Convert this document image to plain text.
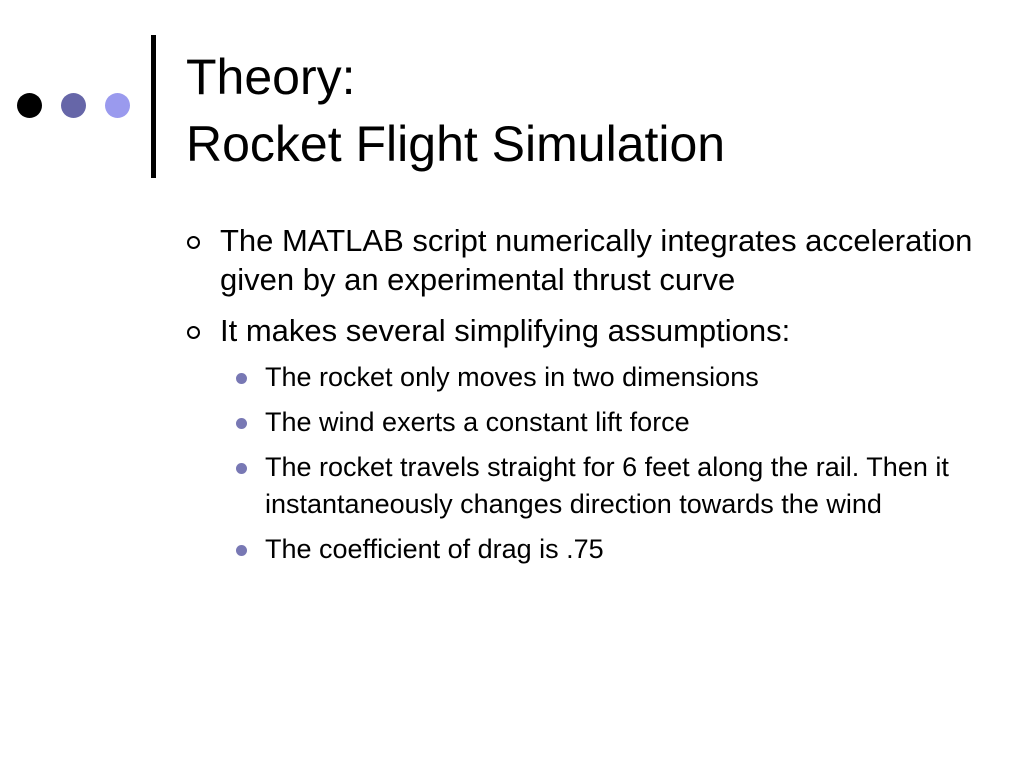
Theory:
Rocket Flight Simulation
The MATLAB script numerically integrates acceleration given by an experimental thrust curve
It makes several simplifying assumptions:
The rocket only moves in two dimensions
The wind exerts a constant lift force
The rocket travels straight for 6 feet along the rail. Then it instantaneously changes direction towards the wind
The coefficient of drag is .75
